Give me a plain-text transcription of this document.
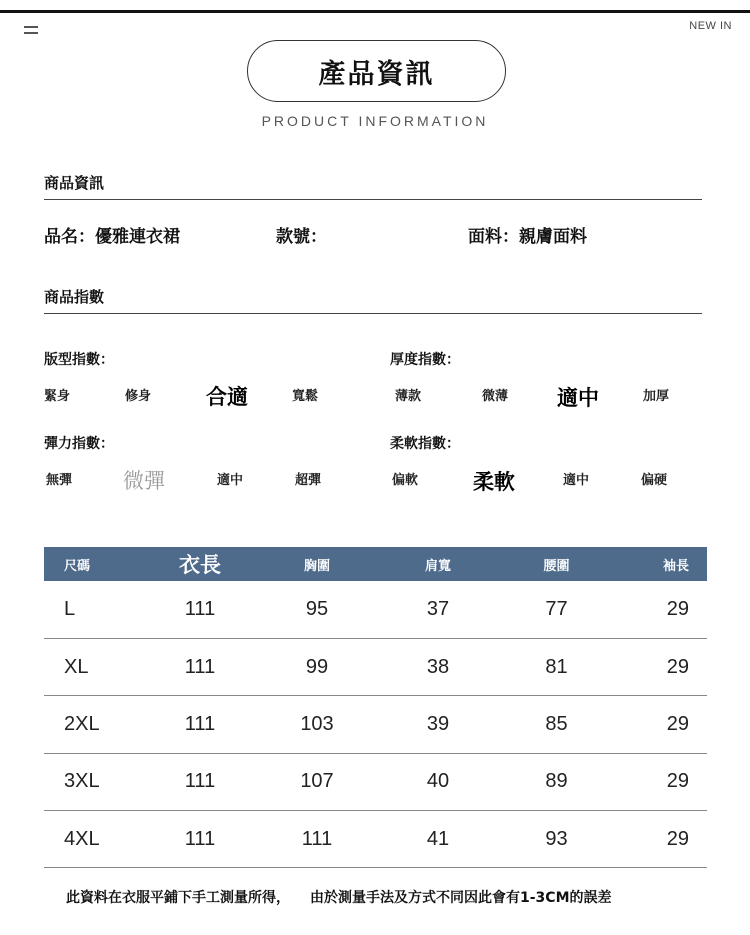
NEW IN
產品資訊
PRODUCT INFORMATION
商品資訊
品名：優雅連衣裙	款號：	面料：親膚面料
商品指數
版型指數：
緊身	修身	合適	寬鬆
厚度指數：
薄款	微薄 適中	加厚
彈力指數：
無彈 微彈	適中	超彈
柔軟指數：
偏軟	柔軟	適中	偏硬
尺碼	衣長	胸圍	肩寬	腰圍	袖長
L	111	95	37	77	29
XL	111	99	38	81	29
2XL	111	103	39	85	29
3XL	111	107	40	89	29
4XL	111	111	41	93	29
此資料在衣服平鋪下手工測量所得， 由於測量手法及方式不同因此會有1-3CM的誤差
